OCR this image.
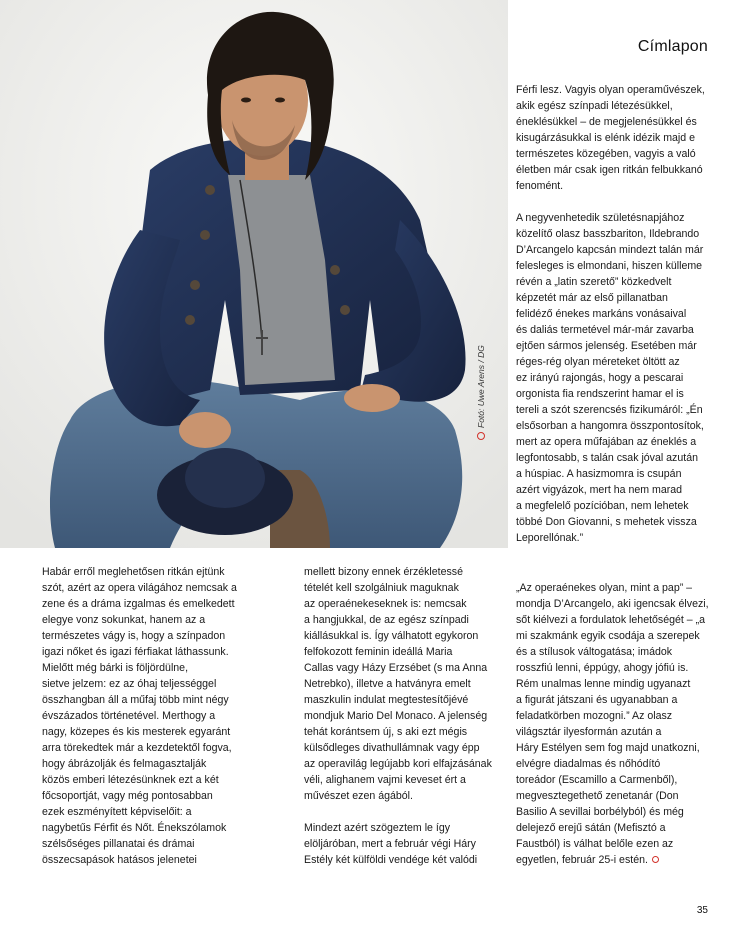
Fotó: Uwe Arens / DG
Címlapon
Férfi lesz. Vagyis olyan operaművészek,
akik egész színpadi létezésükkel,
éneklésükkel – de megjelenésükkel és
kisugárzásukkal is elénk idézik majd e
természetes közegében, vagyis a való
életben már csak igen ritkán felbukkanó
fenomént.
A negyvenhetedik születésnapjához
közelítő olasz basszbariton, Ildebrando
D’Arcangelo kapcsán mindezt talán már
felesleges is elmondani, hiszen külleme
révén a „latin szerető” közkedvelt
képzetét már az első pillanatban
felidéző énekes markáns vonásaival
és daliás termetével már-már zavarba
ejtően sármos jelenség. Esetében már
réges-rég olyan méreteket öltött az
ez irányú rajongás, hogy a pescarai
orgonista fia rendszerint hamar el is
tereli a szót szerencsés fizikumáról: „Én
elsősorban a hangomra összpontosítok,
mert az opera műfajában az éneklés a
legfontosabb, s talán csak jóval azután
a húspiac. A hasizmomra is csupán
azért vigyázok, mert ha nem marad
a megfelelő pozícióban, nem lehetek
többé Don Giovanni, s mehetek vissza
Leporellónak.”
Habár erről meglehetősen ritkán ejtünk
szót, azért az opera világához nemcsak a
zene és a dráma izgalmas és emelkedett
elegye vonz sokunkat, hanem az a
természetes vágy is, hogy a színpadon
igazi nőket és igazi férfiakat láthassunk.
Mielőtt még bárki is följördülne,
sietve jelzem: ez az óhaj teljességgel
összhangban áll a műfaj több mint négy
évszázados történetével. Merthogy a
nagy, közepes és kis mesterek egyaránt
arra törekedtek már a kezdetektől fogva,
hogy ábrázolják és felmagasztalják
közös emberi létezésünknek ezt a két
főcsoportját, vagy még pontosabban
ezek eszményített képviselőit: a
nagybetűs Férfit és Nőt. Énekszólamok
szélsőséges pillanatai és drámai
összecsapások hatásos jelenetei
mellett bizony ennek érzékletessé
tételét kell szolgálniuk maguknak
az operaénekeseknek is: nemcsak
a hangjukkal, de az egész színpadi
kiállásukkal is. Így válhatott egykoron
felfokozott feminin ideállá Maria
Callas vagy Házy Erzsébet (s ma Anna
Netrebko), illetve a hatványra emelt
maszkulin indulat megtestesítőjévé
mondjuk Mario Del Monaco. A jelenség
tehát korántsem új, s aki ezt mégis
külsődleges divathullámnak vagy épp
az operavilág legújabb kori elfajzásának
véli, alighanem vajmi keveset ért a
művészet ezen ágából.
Mindezt azért szögeztem le így
elöljáróban, mert a február végi Háry
Estély két külföldi vendége két valódi
„Az operaénekes olyan, mint a pap” –
mondja D’Arcangelo, aki igencsak élvezi,
sőt kiélvezi a fordulatok lehetőségét – „a
mi szakmánk egyik csodája a szerepek
és a stílusok váltogatása; imádok
rosszfiú lenni, éppúgy, ahogy jófiú is.
Rém unalmas lenne mindig ugyanazt
a figurát játszani és ugyanabban a
feladatkörben mozogni.” Az olasz
világsztár ilyesformán azután a
Háry Estélyen sem fog majd unatkozni,
elvégre diadalmas és nőhódító
toreádor (Escamillo a Carmenből),
megvesztegethető zenetanár (Don
Basilio A sevillai borbélyból) és még
delejező erejű sátán (Mefisztó a
Faustból) is válhat belőle ezen az
egyetlen, február 25-i estén.
35
